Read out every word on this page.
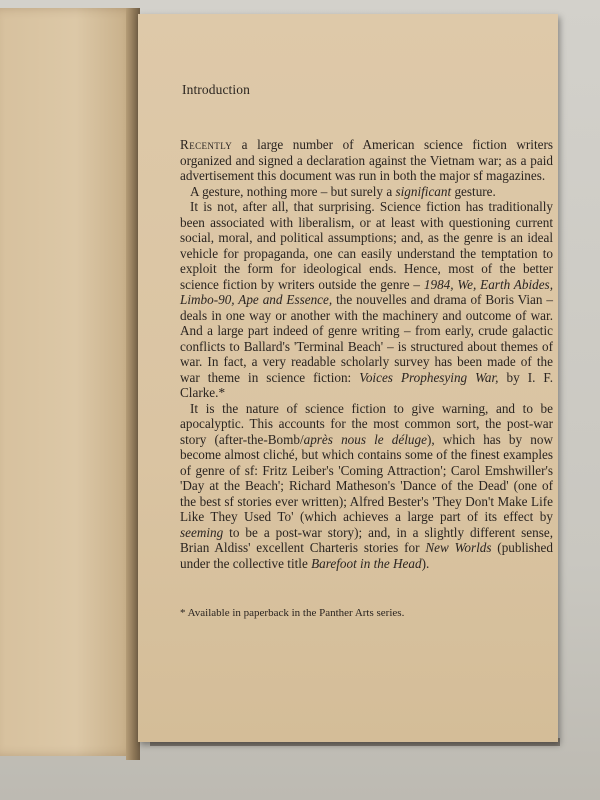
Introduction

Recently a large number of American science fiction writers organized and signed a declaration against the Vietnam war; as a paid advertisement this document was run in both the major sf magazines.

A gesture, nothing more – but surely a significant gesture.

It is not, after all, that surprising. Science fiction has traditionally been associated with liberalism, or at least with questioning current social, moral, and political assumptions; and, as the genre is an ideal vehicle for propaganda, one can easily understand the temptation to exploit the form for ideological ends. Hence, most of the better science fiction by writers outside the genre – 1984, We, Earth Abides, Limbo-90, Ape and Essence, the nouvelles and drama of Boris Vian – deals in one way or another with the machinery and outcome of war. And a large part indeed of genre writing – from early, crude galactic conflicts to Ballard's 'Terminal Beach' – is structured about themes of war. In fact, a very readable scholarly survey has been made of the war theme in science fiction: Voices Prophesying War, by I. F. Clarke.*

It is the nature of science fiction to give warning, and to be apocalyptic. This accounts for the most common sort, the post-war story (after-the-Bomb/après nous le déluge), which has by now become almost cliché, but which contains some of the finest examples of genre of sf: Fritz Leiber's 'Coming Attraction'; Carol Emshwiller's 'Day at the Beach'; Richard Matheson's 'Dance of the Dead' (one of the best sf stories ever written); Alfred Bester's 'They Don't Make Life Like They Used To' (which achieves a large part of its effect by seeming to be a post-war story); and, in a slightly different sense, Brian Aldiss' excellent Charteris stories for New Worlds (published under the collective title Barefoot in the Head).

* Available in paperback in the Panther Arts series.
